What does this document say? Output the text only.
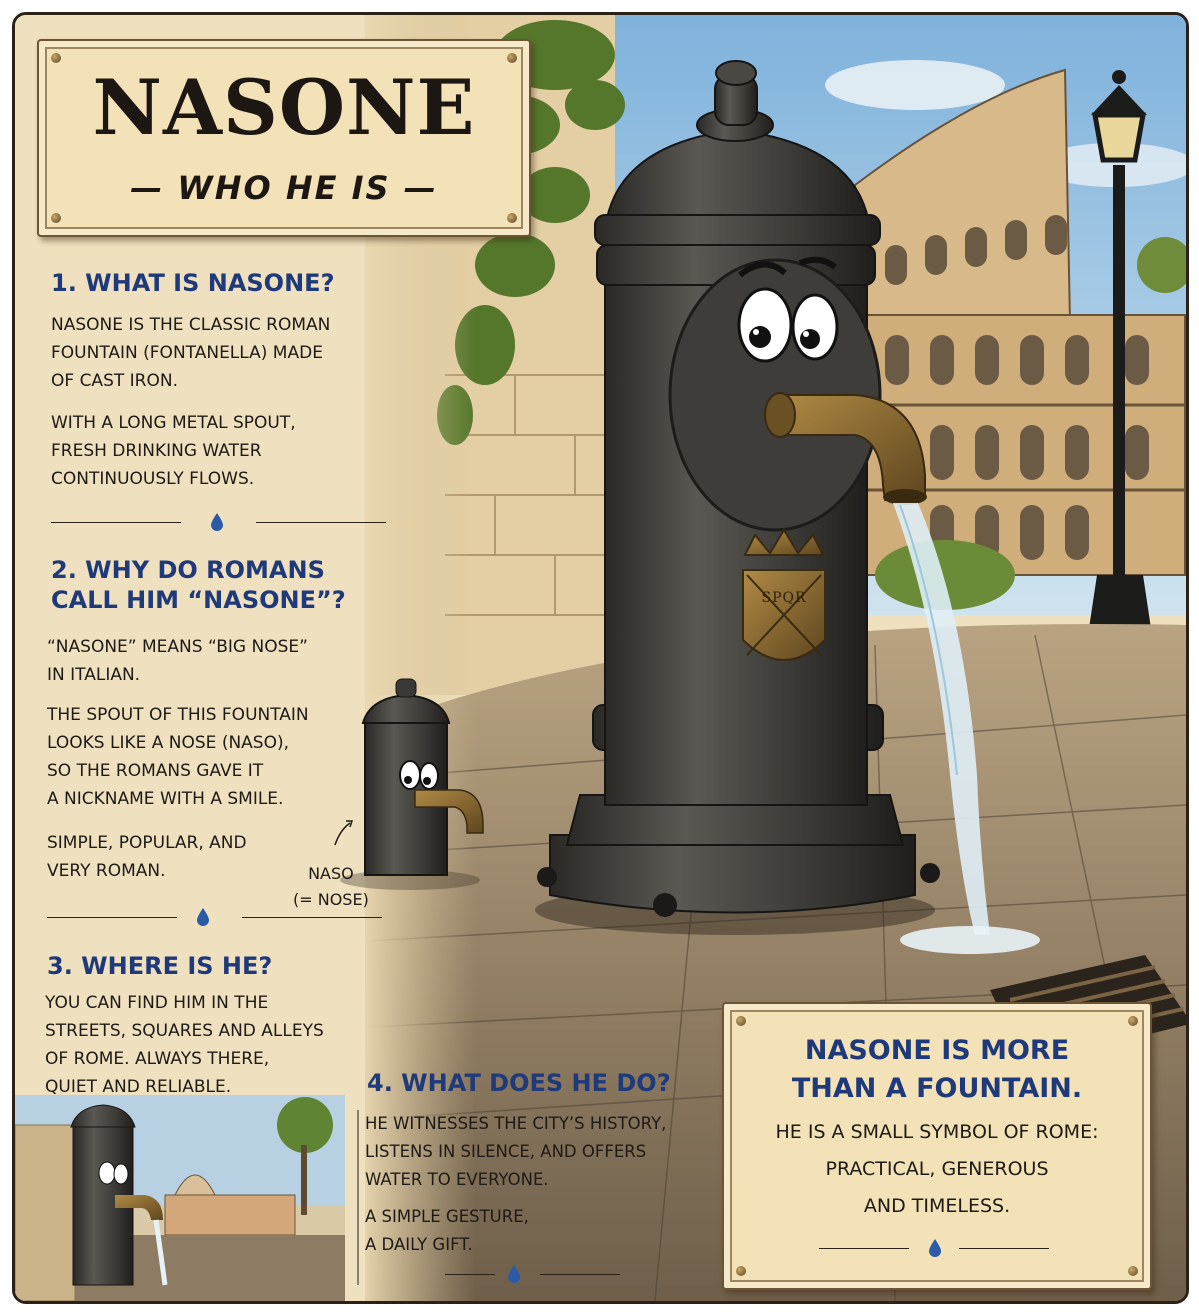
NASONE
— WHO HE IS —
1. WHAT IS NASONE?
NASONE IS THE CLASSIC ROMAN
FOUNTAIN (FONTANELLA) MADE
OF CAST IRON.
WITH A LONG METAL SPOUT,
FRESH DRINKING WATER
CONTINUOUSLY FLOWS.
2. WHY DO ROMANS
CALL HIM “NASONE”?
“NASONE” MEANS “BIG NOSE”
IN ITALIAN.
THE SPOUT OF THIS FOUNTAIN
LOOKS LIKE A NOSE (NASO),
SO THE ROMANS GAVE IT
A NICKNAME WITH A SMILE.
SIMPLE, POPULAR, AND
VERY ROMAN.	NASO
(= NOSE)
3. WHERE IS HE?
YOU CAN FIND HIM IN THE
STREETS, SQUARES AND ALLEYS
OF ROME. ALWAYS THERE,
QUIET AND RELIABLE.	4. WHAT DOES HE DO?
HE WITNESSES THE CITY’S HISTORY,
LISTENS IN SILENCE, AND OFFERS
WATER TO EVERYONE.
A SIMPLE GESTURE,
A DAILY GIFT.
SPQR
NASONE IS MORE
THAN A FOUNTAIN.
HE IS A SMALL SYMBOL OF ROME:
PRACTICAL, GENEROUS
AND TIMELESS.
